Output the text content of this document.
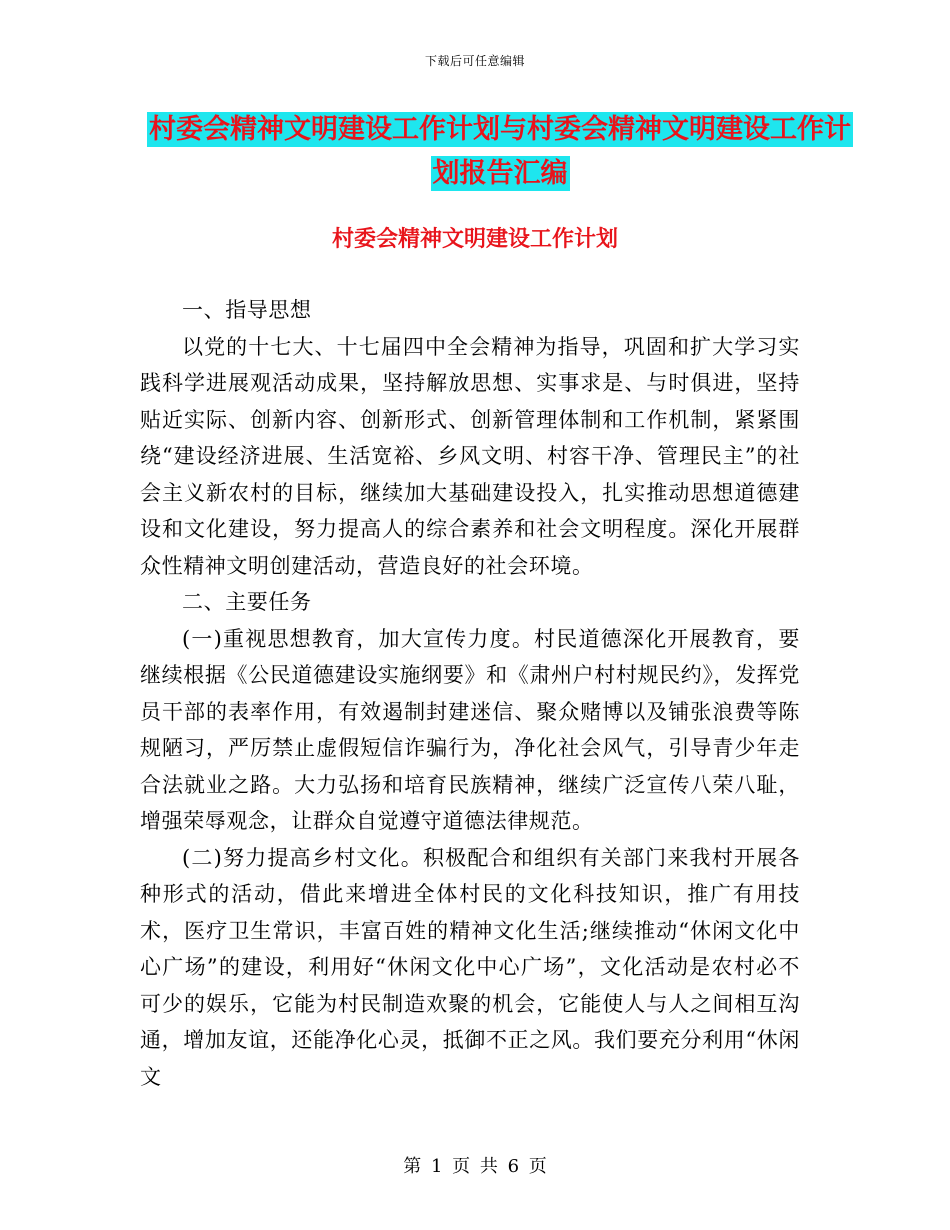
下载后可任意编辑
村委会精神文明建设工作计划与村委会精神文明建设工作计划报告汇编
村委会精神文明建设工作计划

一、指导思想

以党的十七大、十七届四中全会精神为指导，巩固和扩大学习实践科学进展观活动成果，坚持解放思想、实事求是、与时俱进，坚持贴近实际、创新内容、创新形式、创新管理体制和工作机制，紧紧围绕“建设经济进展、生活宽裕、乡风文明、村容干净、管理民主”的社会主义新农村的目标，继续加大基础建设投入，扎实推动思想道德建设和文化建设，努力提高人的综合素养和社会文明程度。深化开展群众性精神文明创建活动，营造良好的社会环境。

二、主要任务

(一)重视思想教育，加大宣传力度。村民道德深化开展教育，要继续根据《公民道德建设实施纲要》和《肃州户村村规民约》，发挥党员干部的表率作用，有效遏制封建迷信、聚众赌博以及铺张浪费等陈规陋习，严厉禁止虚假短信诈骗行为，净化社会风气，引导青少年走合法就业之路。大力弘扬和培育民族精神，继续广泛宣传八荣八耻，增强荣辱观念，让群众自觉遵守道德法律规范。

(二)努力提高乡村文化。积极配合和组织有关部门来我村开展各种形式的活动，借此来增进全体村民的文化科技知识，推广有用技术，医疗卫生常识，丰富百姓的精神文化生活;继续推动“休闲文化中心广场”的建设，利用好“休闲文化中心广场”，文化活动是农村必不可少的娱乐，它能为村民制造欢聚的机会，它能使人与人之间相互沟通，增加友谊，还能净化心灵，抵御不正之风。我们要充分利用“休闲文

第 1 页 共 6 页
